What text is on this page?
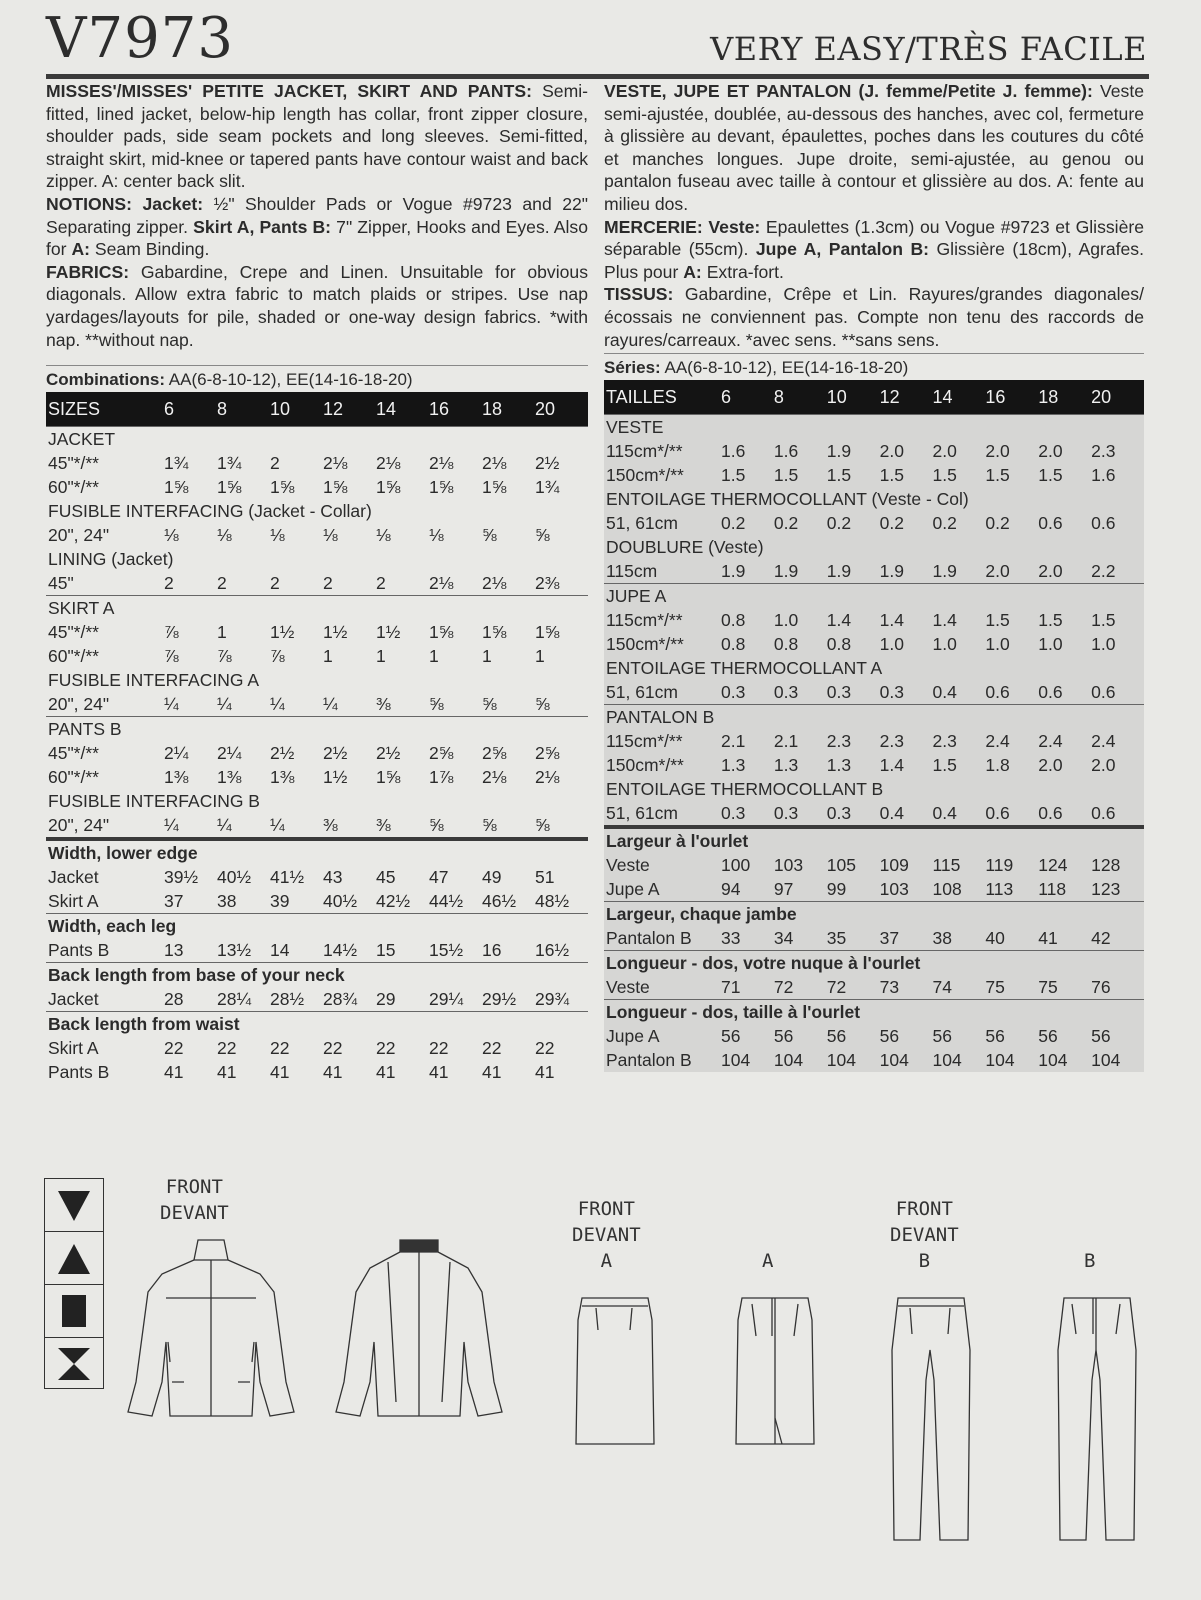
V7973	VERY EASY/TRÈS FACILE

MISSES'/MISSES' PETITE JACKET, SKIRT AND PANTS: Semi-fitted, lined jacket, below-hip length has collar, front zipper closure, shoulder pads, side seam pockets and long sleeves. Semi-fitted, straight skirt, mid-knee or tapered pants have contour waist and back zipper. A: center back slit.

NOTIONS: Jacket: ½" Shoulder Pads or Vogue #9723 and 22" Separating zipper. Skirt A, Pants B: 7" Zipper, Hooks and Eyes. Also for A: Seam Binding.

FABRICS: Gabardine, Crepe and Linen. Unsuitable for obvious diagonals. Allow extra fabric to match plaids or stripes. Use nap yardages/layouts for pile, shaded or one-way design fabrics. *with nap. **without nap.

Combinations: AA(6-8-10-12), EE(14-16-18-20)
SIZES	6	8	10	12	14	16	18	20
JACKET								
45"*/**	1¾	1¾	2	2⅛	2⅛	2⅛	2⅛	2½
60"*/**	1⅝	1⅝	1⅝	1⅝	1⅝	1⅝	1⅝	1¾
FUSIBLE INTERFACING (Jacket - Collar)								
20", 24"	⅛	⅛	⅛	⅛	⅛	⅛	⅝	⅝
LINING (Jacket)								
45"	2	2	2	2	2	2⅛	2⅛	2⅜
SKIRT A								
45"*/**	⅞	1	1½	1½	1½	1⅝	1⅝	1⅝
60"*/**	⅞	⅞	⅞	1	1	1	1	1
FUSIBLE INTERFACING A								
20", 24"	¼	¼	¼	¼	⅜	⅝	⅝	⅝
PANTS B								
45"*/**	2¼	2¼	2½	2½	2½	2⅝	2⅝	2⅝
60"*/**	1⅜	1⅜	1⅜	1½	1⅝	1⅞	2⅛	2⅛
FUSIBLE INTERFACING B								
20", 24"	¼	¼	¼	⅜	⅜	⅝	⅝	⅝
Width, lower edge								
Jacket	39½	40½	41½	43	45	47	49	51
Skirt A	37	38	39	40½	42½	44½	46½	48½
Width, each leg								
Pants B	13	13½	14	14½	15	15½	16	16½
Back length from base of your neck								
Jacket	28	28¼	28½	28¾	29	29¼	29½	29¾
Back length from waist								
Skirt A	22	22	22	22	22	22	22	22
Pants B	41	41	41	41	41	41	41	41

VESTE, JUPE ET PANTALON (J. femme/Petite J. femme): Veste semi-ajustée, doublée, au-dessous des hanches, avec col, fermeture à glissière au devant, épaulettes, poches dans les coutures du côté et manches longues. Jupe droite, semi-ajustée, au genou ou pantalon fuseau avec taille à contour et glissière au dos. A: fente au milieu dos.

MERCERIE: Veste: Epaulettes (1.3cm) ou Vogue #9723 et Glissière séparable (55cm). Jupe A, Pantalon B: Glissière (18cm), Agrafes. Plus pour A: Extra-fort.

TISSUS: Gabardine, Crêpe et Lin. Rayures/grandes diagonales/écossais ne conviennent pas. Compte non tenu des raccords de rayures/carreaux. *avec sens. **sans sens.

Séries: AA(6-8-10-12), EE(14-16-18-20)
TAILLES	6	8	10	12	14	16	18	20
VESTE								
115cm*/**	1.6	1.6	1.9	2.0	2.0	2.0	2.0	2.3
150cm*/**	1.5	1.5	1.5	1.5	1.5	1.5	1.5	1.6
ENTOILAGE THERMOCOLLANT (Veste - Col)								
51, 61cm	0.2	0.2	0.2	0.2	0.2	0.2	0.6	0.6
DOUBLURE (Veste)								
115cm	1.9	1.9	1.9	1.9	1.9	2.0	2.0	2.2
JUPE A								
115cm*/**	0.8	1.0	1.4	1.4	1.4	1.5	1.5	1.5
150cm*/**	0.8	0.8	0.8	1.0	1.0	1.0	1.0	1.0
ENTOILAGE THERMOCOLLANT A								
51, 61cm	0.3	0.3	0.3	0.3	0.4	0.6	0.6	0.6
PANTALON B								
115cm*/**	2.1	2.1	2.3	2.3	2.3	2.4	2.4	2.4
150cm*/**	1.3	1.3	1.3	1.4	1.5	1.8	2.0	2.0
ENTOILAGE THERMOCOLLANT B								
51, 61cm	0.3	0.3	0.3	0.4	0.4	0.6	0.6	0.6
Largeur à l'ourlet								
Veste	100	103	105	109	115	119	124	128
Jupe A	94	97	99	103	108	113	118	123
Largeur, chaque jambe								
Pantalon B	33	34	35	37	38	40	41	42
Longueur - dos, votre nuque à l'ourlet								
Veste	71	72	72	73	74	75	75	76
Longueur - dos, taille à l'ourlet								
Jupe A	56	56	56	56	56	56	56	56
Pantalon B	104	104	104	104	104	104	104	104
FRONT
DEVANT	FRONT
DEVANT
A	A
FRONT
DEVANT
B	B
